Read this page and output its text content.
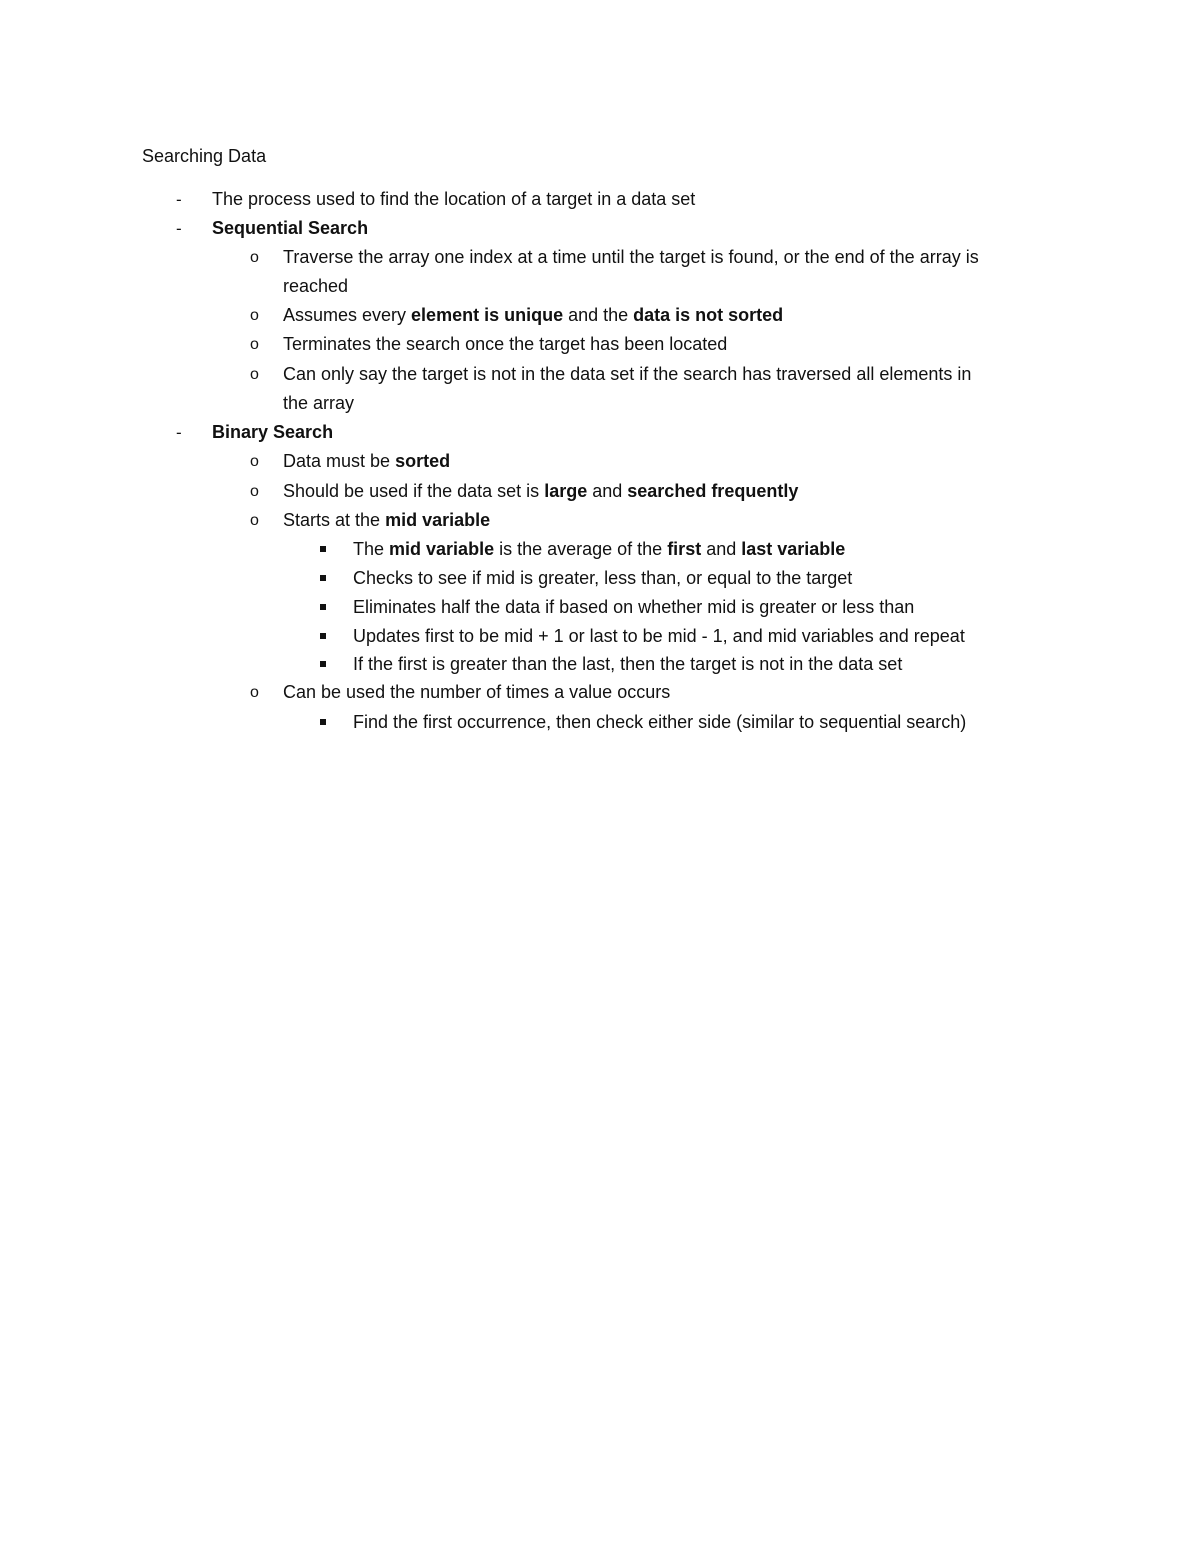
Searching Data
- The process used to find the location of a target in a data set
- Sequential Search
o Traverse the array one index at a time until the target is found, or the end of the array is
reached
o Assumes every element is unique and the data is not sorted
o Terminates the search once the target has been located
o Can only say the target is not in the data set if the search has traversed all elements in
the array
- Binary Search
o Data must be sorted
o Should be used if the data set is large and searched frequently
o Starts at the mid variable
The mid variable is the average of the first and last variable
Checks to see if mid is greater, less than, or equal to the target
Eliminates half the data if based on whether mid is greater or less than
Updates first to be mid + 1 or last to be mid - 1, and mid variables and repeat
If the first is greater than the last, then the target is not in the data set
o Can be used the number of times a value occurs
Find the first occurrence, then check either side (similar to sequential search)
